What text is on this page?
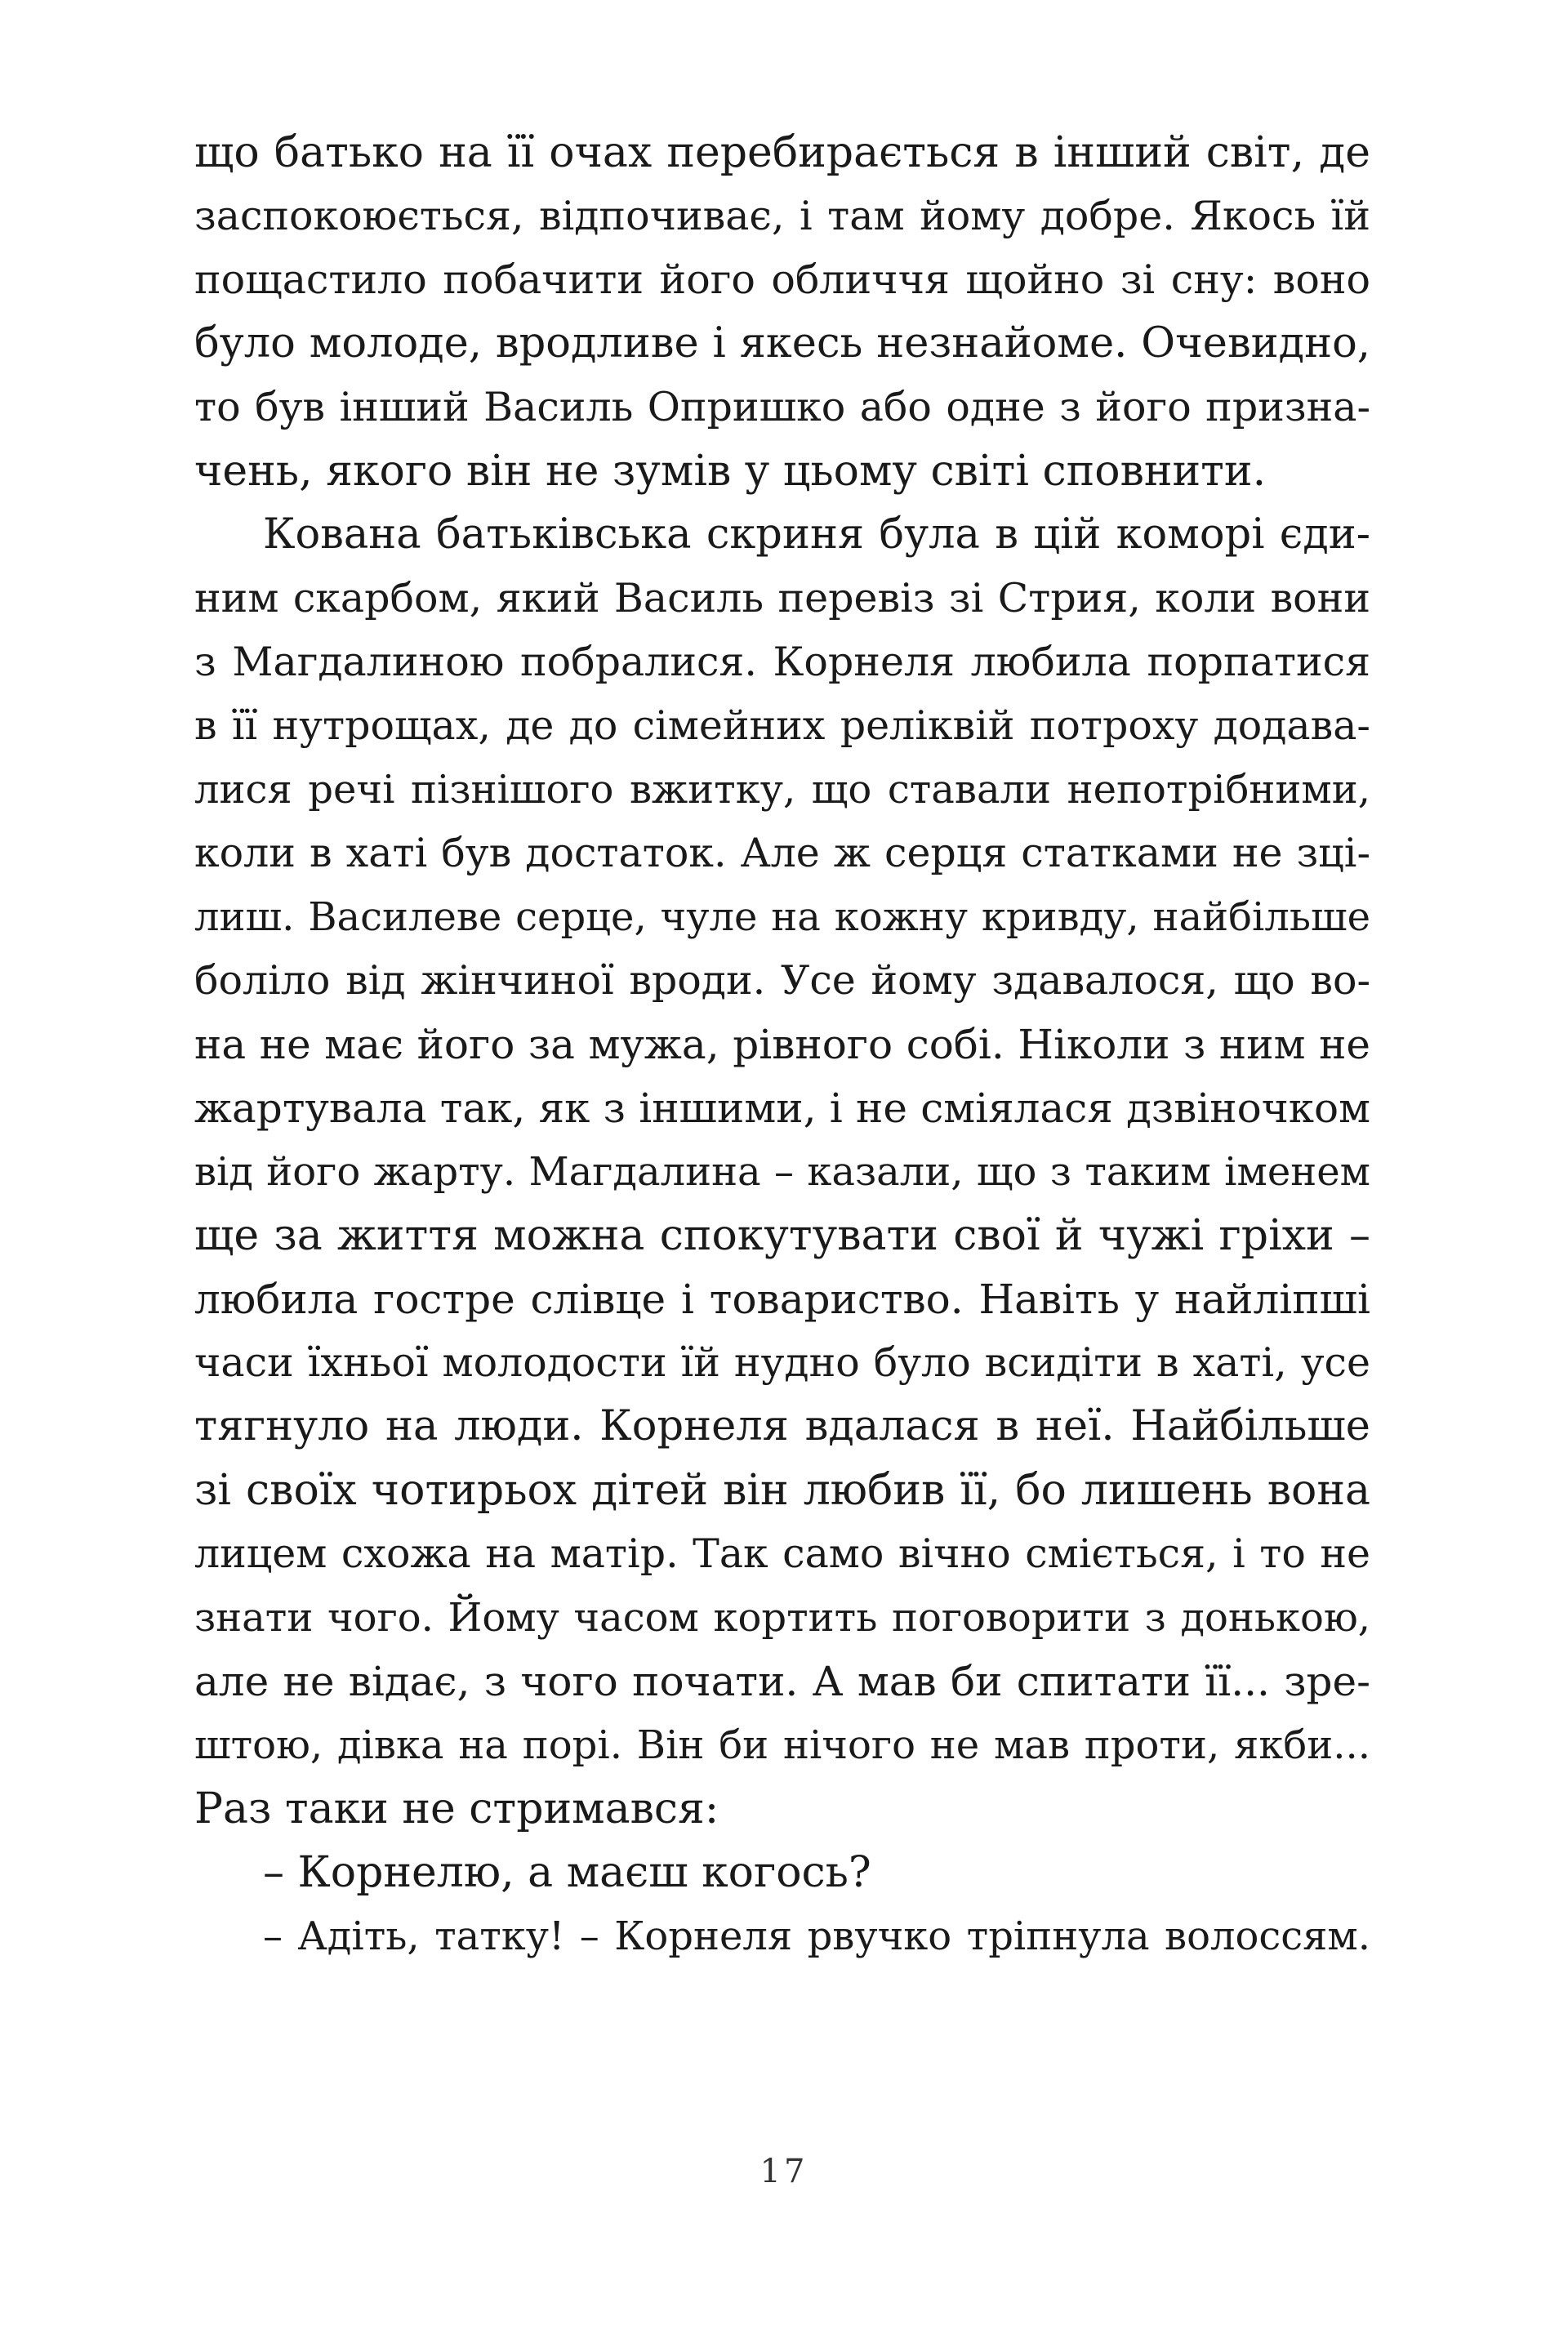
що батько на її очах перебирається в інший світ, де
заспокоюється, відпочиває, і там йому добре. Якось їй
пощастило побачити його обличчя щойно зі сну: воно
було молоде, вродливе і якесь незнайоме. Очевидно,
то був інший Василь Опришко або одне з його призна-
чень, якого він не зумів у цьому світі сповнити.
Кована батьківська скриня була в цій коморі єди-
ним скарбом, який Василь перевіз зі Стрия, коли вони
з Магдалиною побралися. Корнеля любила порпатися
в її нутрощах, де до сімейних реліквій потроху додава-
лися речі пізнішого вжитку, що ставали непотрібними,
коли в хаті був достаток. Але ж серця статками не зці-
лиш. Василеве серце, чуле на кожну кривду, найбільше
боліло від жінчиної вроди. Усе йому здавалося, що во-
на не має його за мужа, рівного собі. Ніколи з ним не
жартувала так, як з іншими, і не сміялася дзвіночком
від його жарту. Магдалина – казали, що з таким іменем
ще за життя можна спокутувати свої й чужі гріхи –
любила гостре слівце і товариство. Навіть у найліпші
часи їхньої молодости їй нудно було всидіти в хаті, усе
тягнуло на люди. Корнеля вдалася в неї. Найбільше
зі своїх чотирьох дітей він любив її, бо лишень вона
лицем схожа на матір. Так само вічно сміється, і то не
знати чого. Йому часом кортить поговорити з донькою,
але не відає, з чого почати. А мав би спитати її... зре-
штою, дівка на порі. Він би нічого не мав проти, якби...
Раз таки не стримався:
– Корнелю, а маєш когось?
– Адіть, татку! – Корнеля рвучко тріпнула волоссям.
17
